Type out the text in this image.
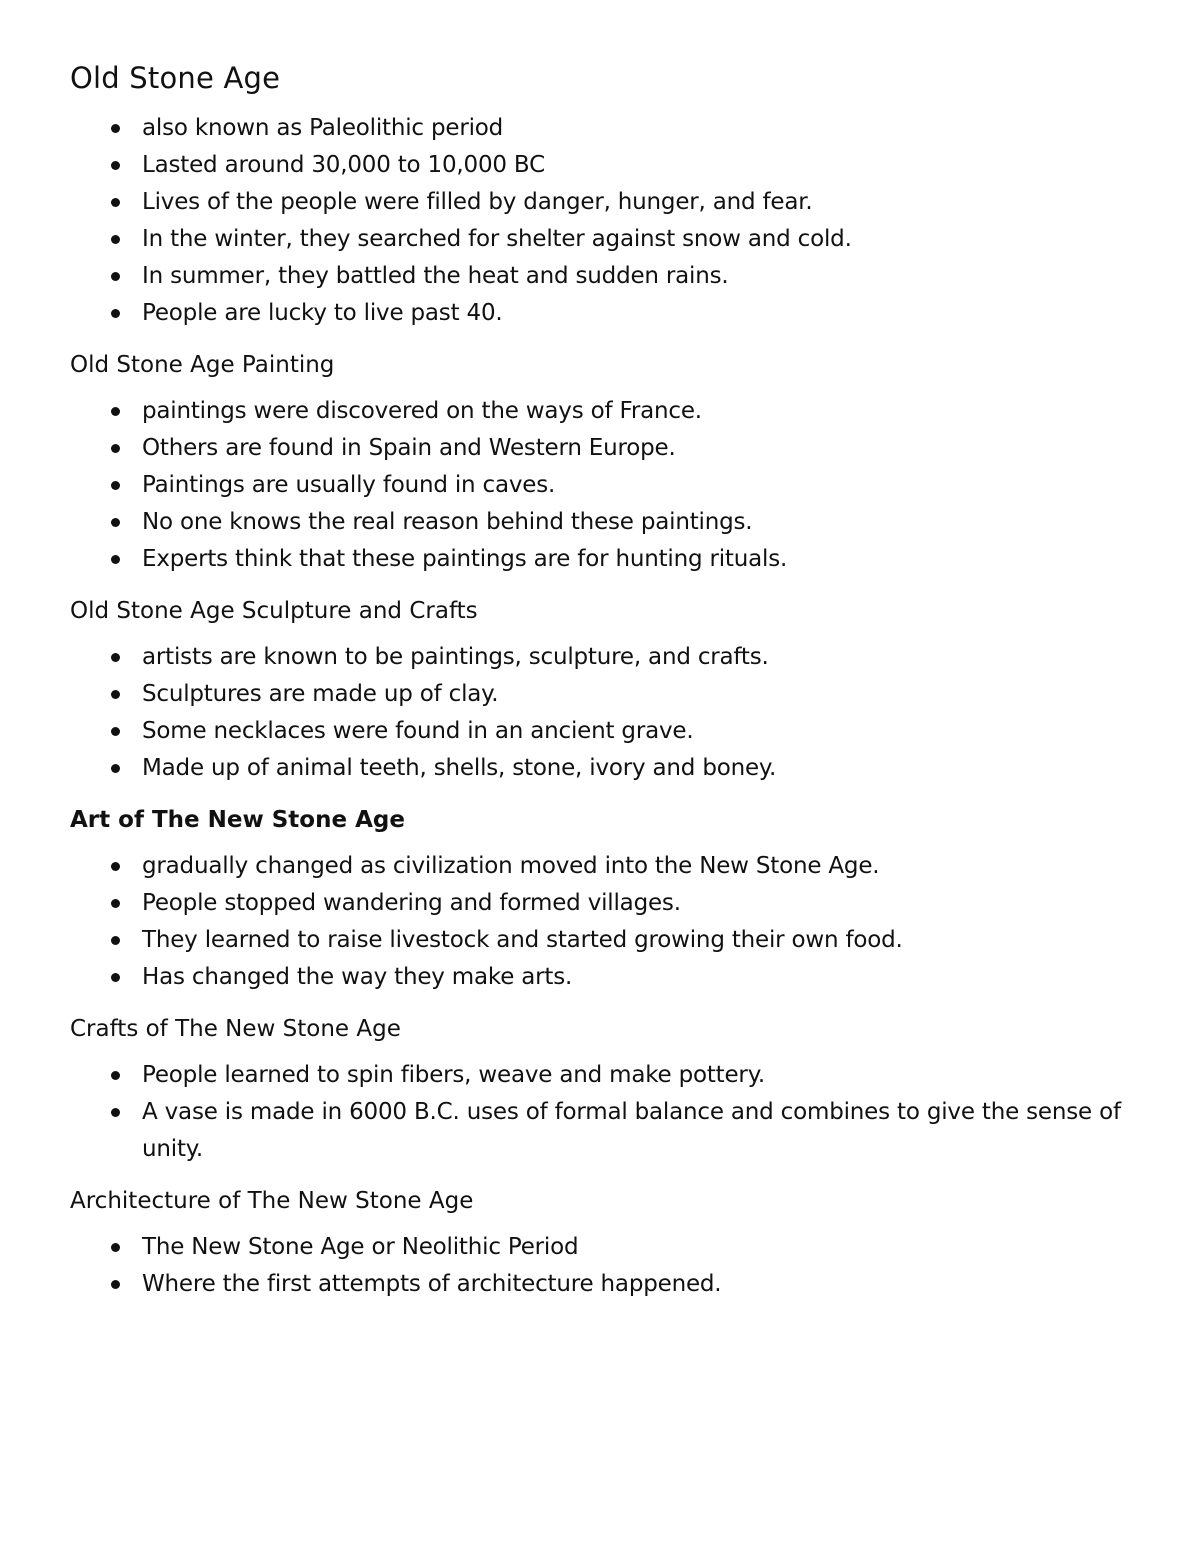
Old Stone Age
also known as Paleolithic period
Lasted around 30,000 to 10,000 BC
Lives of the people were filled by danger, hunger, and fear.
In the winter, they searched for shelter against snow and cold.
In summer, they battled the heat and sudden rains.
People are lucky to live past 40.
Old Stone Age Painting
paintings were discovered on the ways of France.
Others are found in Spain and Western Europe.
Paintings are usually found in caves.
No one knows the real reason behind these paintings.
Experts think that these paintings are for hunting rituals.
Old Stone Age Sculpture and Crafts
artists are known to be paintings, sculpture, and crafts.
Sculptures are made up of clay.
Some necklaces were found in an ancient grave.
Made up of animal teeth, shells, stone, ivory and boney.
Art of The New Stone Age
gradually changed as civilization moved into the New Stone Age.
People stopped wandering and formed villages.
They learned to raise livestock and started growing their own food.
Has changed the way they make arts.
Crafts of The New Stone Age
People learned to spin fibers, weave and make pottery.
A vase is made in 6000 B.C. uses of formal balance and combines to give the sense of unity.
Architecture of The New Stone Age
The New Stone Age or Neolithic Period
Where the first attempts of architecture happened.
